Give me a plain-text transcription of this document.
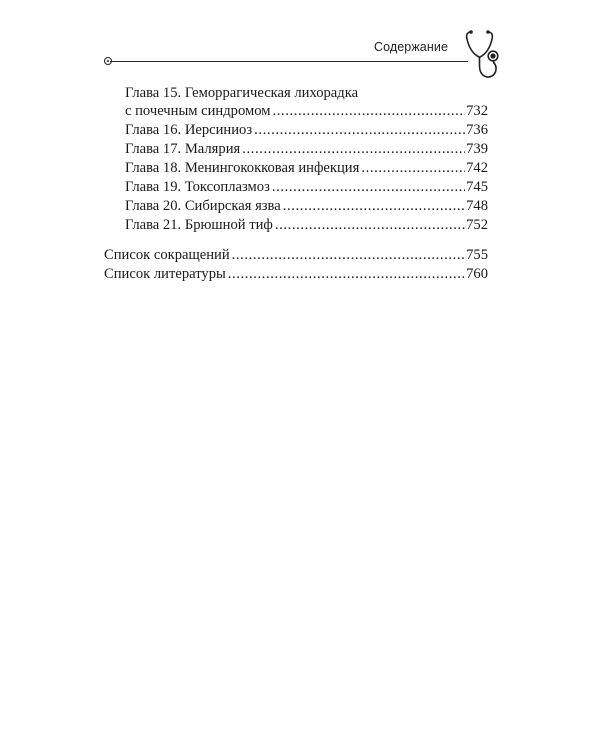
Содержание
Глава 15. Геморрагическая лихорадка
с почечным синдромом .....	732
Глава 16. Иерсиниоз .....	736
Глава 17. Малярия .....	739
Глава 18. Менингококковая инфекция .....	742
Глава 19. Токсоплазмоз .....	745
Глава 20. Сибирская язва .....	748
Глава 21. Брюшной тиф .....	752
Список сокращений .....	755
Список литературы .....	760
